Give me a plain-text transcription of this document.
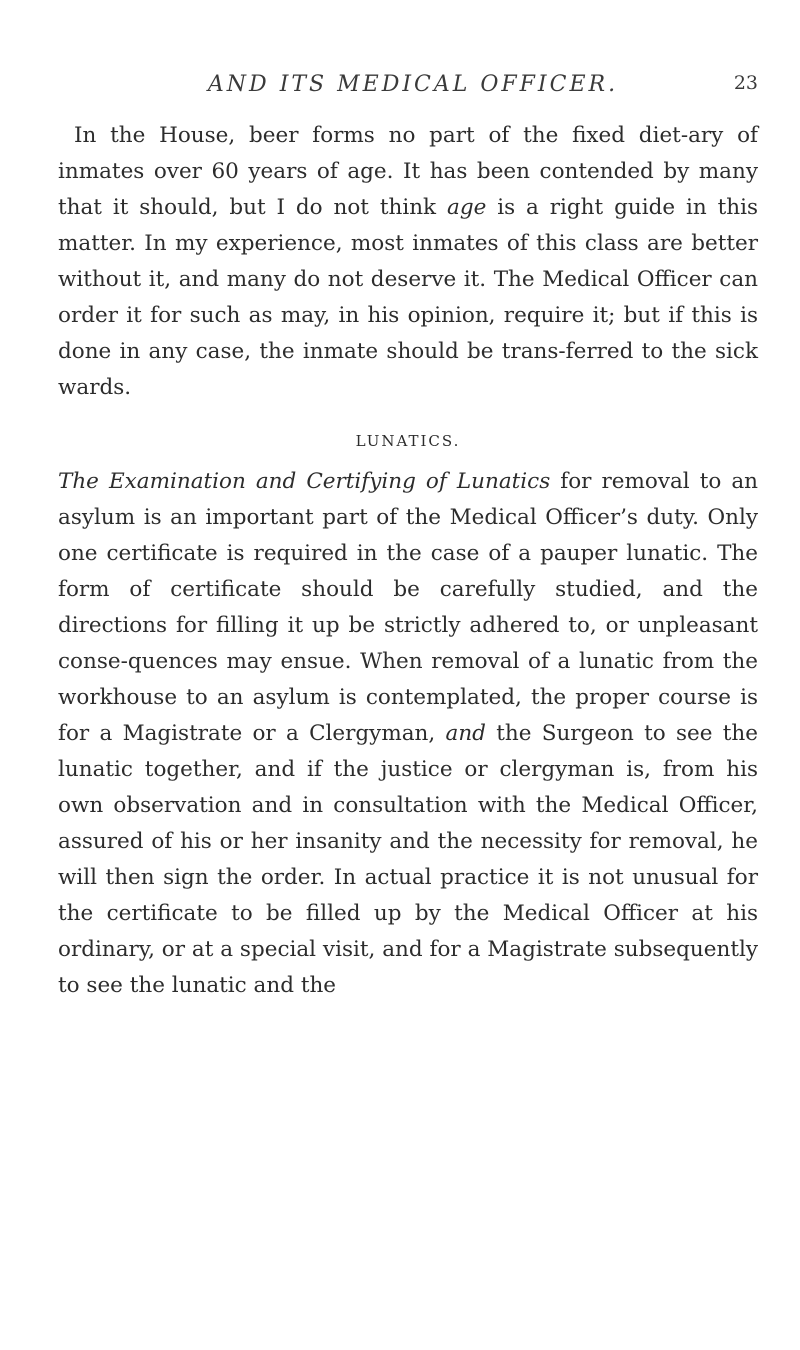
AND ITS MEDICAL OFFICER.	23

In the House, beer forms no part of the fixed diet-ary of inmates over 60 years of age. It has been contended by many that it should, but I do not think age is a right guide in this matter. In my experience, most inmates of this class are better without it, and many do not deserve it. The Medical Officer can order it for such as may, in his opinion, require it; but if this is done in any case, the inmate should be trans-ferred to the sick wards.

LUNATICS.

The Examination and Certifying of Lunatics for removal to an asylum is an important part of the Medical Officer’s duty. Only one certificate is required in the case of a pauper lunatic. The form of certificate should be carefully studied, and the directions for filling it up be strictly adhered to, or unpleasant conse-quences may ensue. When removal of a lunatic from the workhouse to an asylum is contemplated, the proper course is for a Magistrate or a Clergyman, and the Surgeon to see the lunatic together, and if the justice or clergyman is, from his own observation and in consultation with the Medical Officer, assured of his or her insanity and the necessity for removal, he will then sign the order. In actual practice it is not unusual for the certificate to be filled up by the Medical Officer at his ordinary, or at a special visit, and for a Magistrate subsequently to see the lunatic and the
